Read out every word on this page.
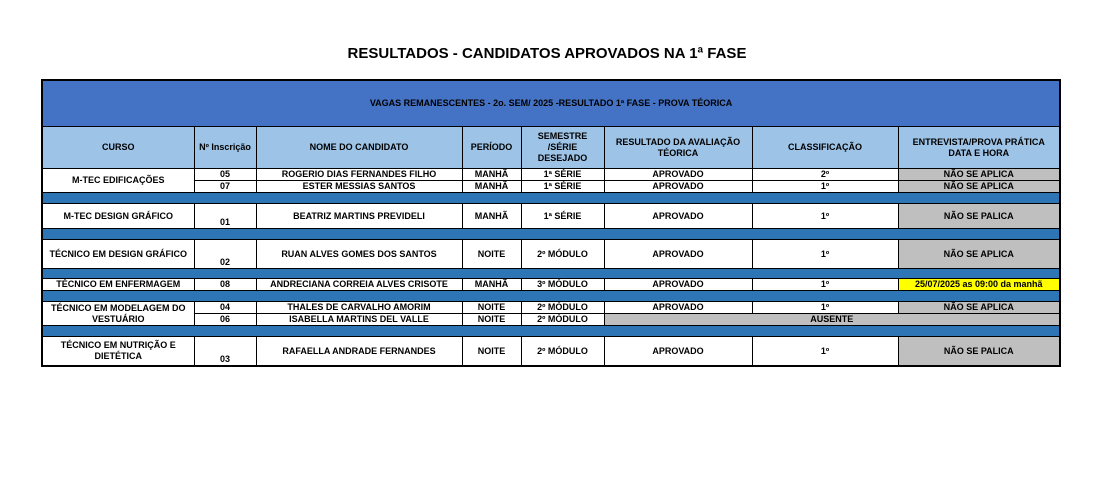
RESULTADOS - CANDIDATOS APROVADOS NA 1ª FASE
VAGAS REMANESCENTES - 2o. SEM/ 2025 -RESULTADO 1ª FASE - PROVA TÉORICA							
CURSO	Nº Inscrição	NOME DO CANDIDATO	PERÍODO	SEMESTRE /SÉRIE DESEJADO	RESULTADO DA AVALIAÇÃO TÉORICA	CLASSIFICAÇÃO	ENTREVISTA/PROVA PRÁTICA DATA E HORA
M-TEC EDIFICAÇÕES	05	ROGERIO DIAS FERNANDES FILHO	MANHÃ	1ª SÉRIE	APROVADO	2º	NÃO SE APLICA
	07	ESTER MESSIAS SANTOS	MANHÃ	1ª SÉRIE	APROVADO	1º	NÃO SE APLICA

M-TEC DESIGN GRÁFICO	01	BEATRIZ MARTINS PREVIDELI	MANHÃ	1ª SÉRIE	APROVADO	1º	NÃO SE PALICA

TÉCNICO EM DESIGN GRÁFICO	02	RUAN ALVES GOMES DOS SANTOS	NOITE	2º MÓDULO	APROVADO	1º	NÃO SE APLICA

TÉCNICO EM ENFERMAGEM	08	ANDRECIANA CORREIA ALVES CRISOTE	MANHÃ	3º MÓDULO	APROVADO	1º	25/07/2025 as 09:00 da manhã

TÉCNICO EM MODELAGEM DO VESTUÁRIO	04	THALES DE CARVALHO AMORIM	NOITE	2º MÓDULO	APROVADO	1º	NÃO SE APLICA
	06	ISABELLA MARTINS DEL VALLE	NOITE	2º MÓDULO	AUSENTE		

TÉCNICO EM NUTRIÇÃO E DIETÉTICA	03	RAFAELLA ANDRADE FERNANDES	NOITE	2º MÓDULO	APROVADO	1º	NÃO SE PALICA
